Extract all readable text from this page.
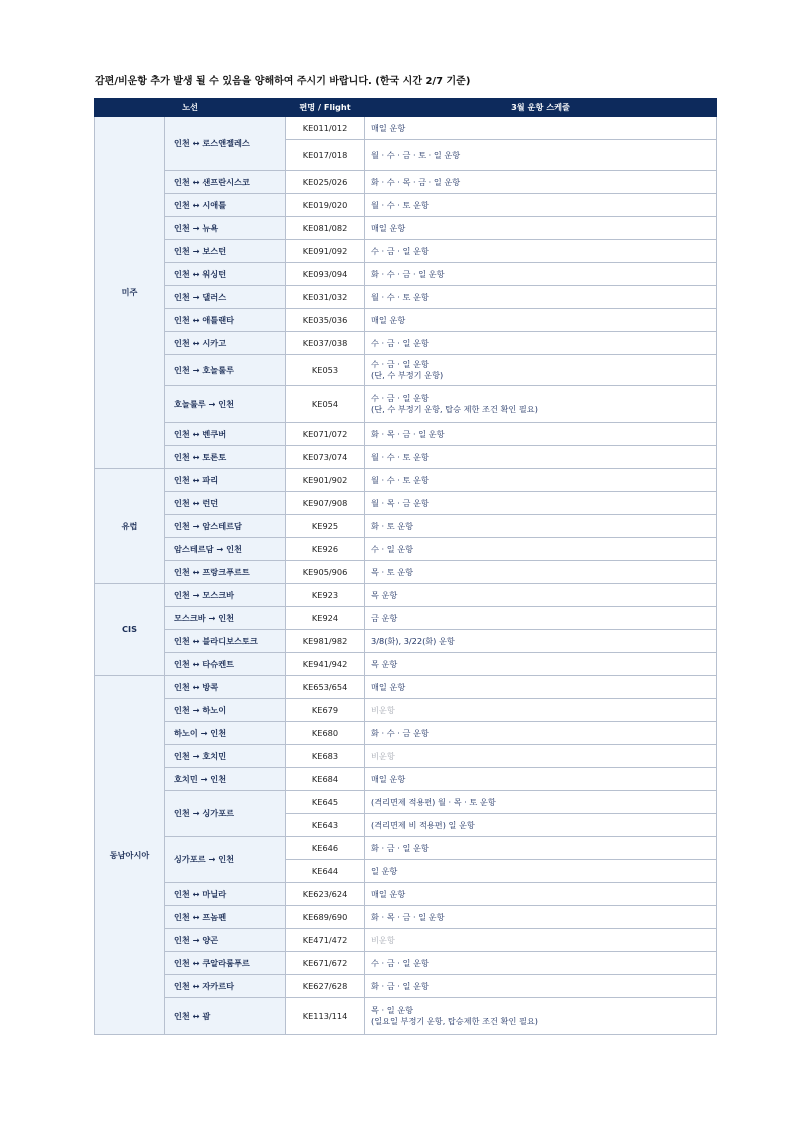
감편/비운항 추가 발생 될 수 있음을 양해하여 주시기 바랍니다. (한국 시간 2/7 기준)
노선		편명 / Flight	3월 운항 스케줄
미주	인천 ↔ 로스앤젤레스	KE011/012	매일 운항

		KE017/018	월 · 수 · 금 · 토 · 일 운항

	인천 ↔ 샌프란시스코	KE025/026	화 · 수 · 목 · 금 · 일 운항

	인천 ↔ 시애틀	KE019/020	월 · 수 · 토 운항

	인천 → 뉴욕	KE081/082	매일 운항

	인천 → 보스턴	KE091/092	수 · 금 · 일 운항

	인천 ↔ 워싱턴	KE093/094	화 · 수 · 금 · 일 운항

	인천 → 댈러스	KE031/032	월 · 수 · 토 운항

	인천 ↔ 애틀랜타	KE035/036	매일 운항

	인천 ↔ 시카고	KE037/038	수 · 금 · 일 운항

	인천 → 호놀룰루	KE053	수 · 금 · 일 운항
(단, 수 부정기 운항)

	호놀룰루 → 인천	KE054	수 · 금 · 일 운항
(단, 수 부정기 운항, 탑승 제한 조건 확인 필요)

	인천 ↔ 벤쿠버	KE071/072	화 · 목 · 금 · 일 운항

	인천 ↔ 토론토	KE073/074	월 · 수 · 토 운항

유럽	인천 ↔ 파리	KE901/902	월 · 수 · 토 운항

	인천 ↔ 런던	KE907/908	월 · 목 · 금 운항

	인천 → 암스테르담	KE925	화 · 토 운항

	암스테르담 → 인천	KE926	수 · 일 운항

	인천 ↔ 프랑크푸르트	KE905/906	목 · 토 운항

CIS	인천 → 모스크바	KE923	목 운항

	모스크바 → 인천	KE924	금 운항

	인천 ↔ 블라디보스토크	KE981/982	3/8(화), 3/22(화) 운항

	인천 ↔ 타슈켄트	KE941/942	목 운항

동남아시아	인천 ↔ 방콕	KE653/654	매일 운항

	인천 → 하노이	KE679	비운항

	하노이 → 인천	KE680	화 · 수 · 금 운항

	인천 → 호치민	KE683	비운항

	호치민 → 인천	KE684	매일 운항

	인천 → 싱가포르	KE645	(격리면제 적용편) 월 · 목 · 토 운항

		KE643	(격리면제 비 적용편) 일 운항

	싱가포르 → 인천	KE646	화 · 금 · 일 운항

		KE644	일 운항

	인천 ↔ 마닐라	KE623/624	매일 운항

	인천 ↔ 프놈펜	KE689/690	화 · 목 · 금 · 일 운항

	인천 → 양곤	KE471/472	비운항

	인천 ↔ 쿠알라룸푸르	KE671/672	수 · 금 · 일 운항

	인천 ↔ 자카르타	KE627/628	화 · 금 · 일 운항

	인천 ↔ 괌	KE113/114	목 · 일 운항
(일요일 부정기 운항, 탑승제한 조건 확인 필요)
